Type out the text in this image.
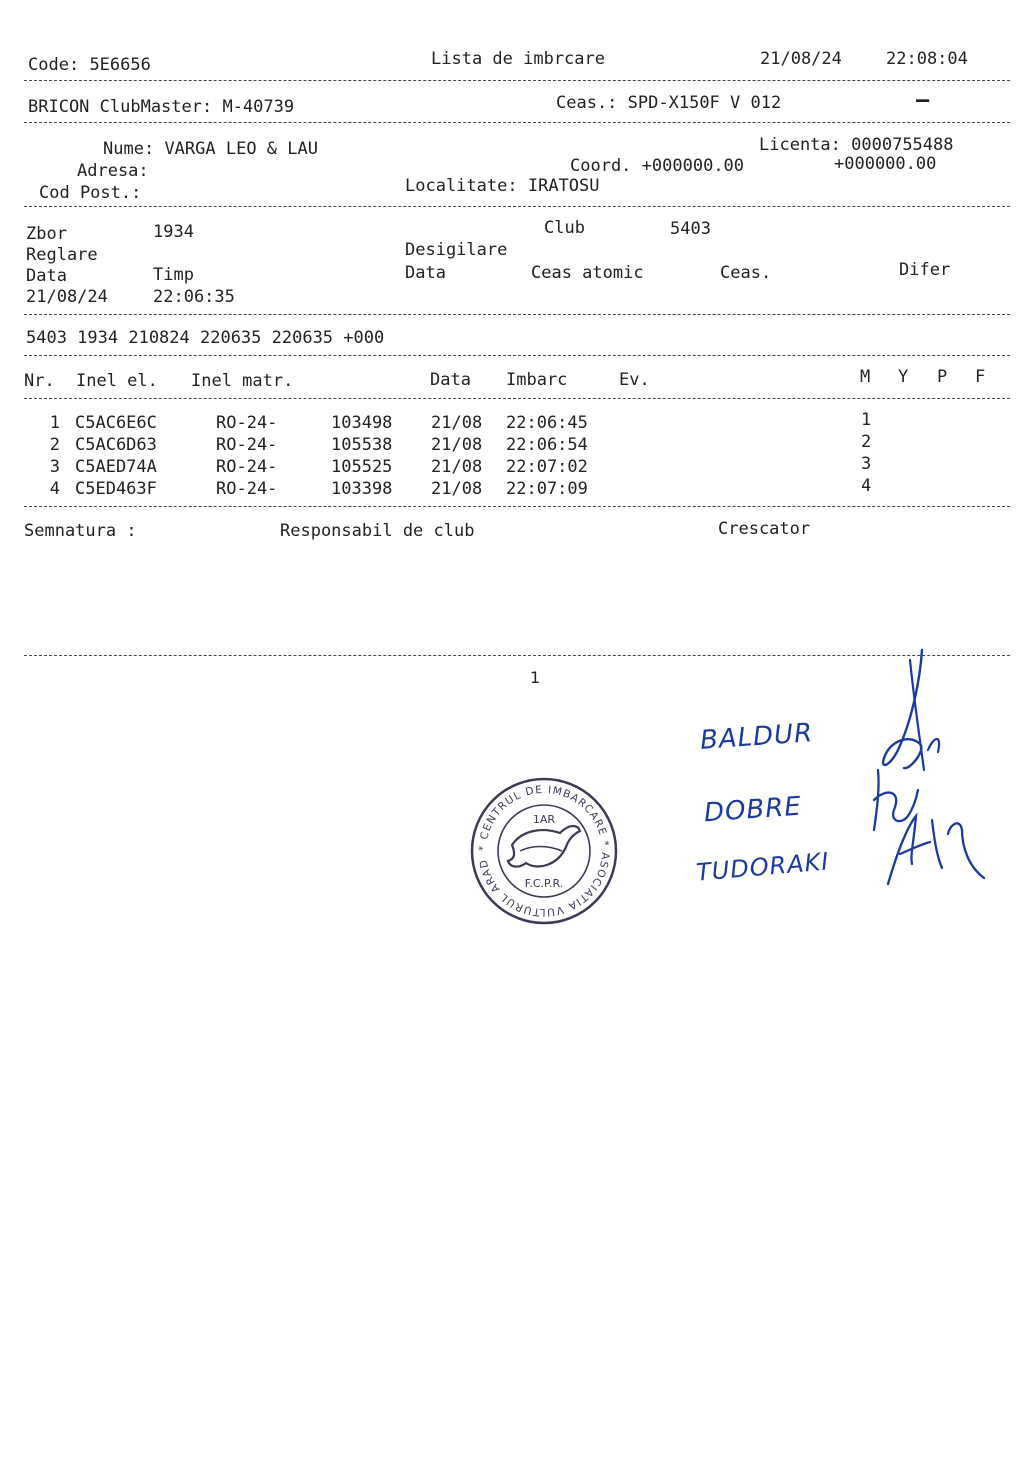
Code: 5E6656	Lista de imbrcare	21/08/24	22:08:04
BRICON ClubMaster: M-40739	Ceas.: SPD-X150F V 012	—
Nume: VARGA LEO & LAU	Licenta: 0000755488
Adresa:	Coord. +000000.00	+000000.00
Cod Post.:	Localitate: IRATOSU
Zbor	1934	Club	5403
Reglare	Desigilare
Data	Timp	Data	Ceas atomic	Ceas.	Difer
21/08/24	22:06:35
5403 1934 210824 220635 220635 +000
Nr. Inel el. Inel matr.	Data Imbarc	Ev.	M Y P F
1 C5AC6E6C	RO-24-	103498 21/08 22:06:45	1
2 C5AC6D63	RO-24-	105538 21/08 22:06:54	2
3 C5AED74A	RO-24-	105525 21/08 22:07:02	3
4 C5ED463F	RO-24-	103398 21/08 22:07:09	4
Semnatura :	Responsabil de club	Crescator
1
BALDUR
DOBRE
TUDORAKI
* CENTRUL DE IMBARCARE * ASOCIATIA VULTURUL ARAD
1AR
F.C.P.R.
